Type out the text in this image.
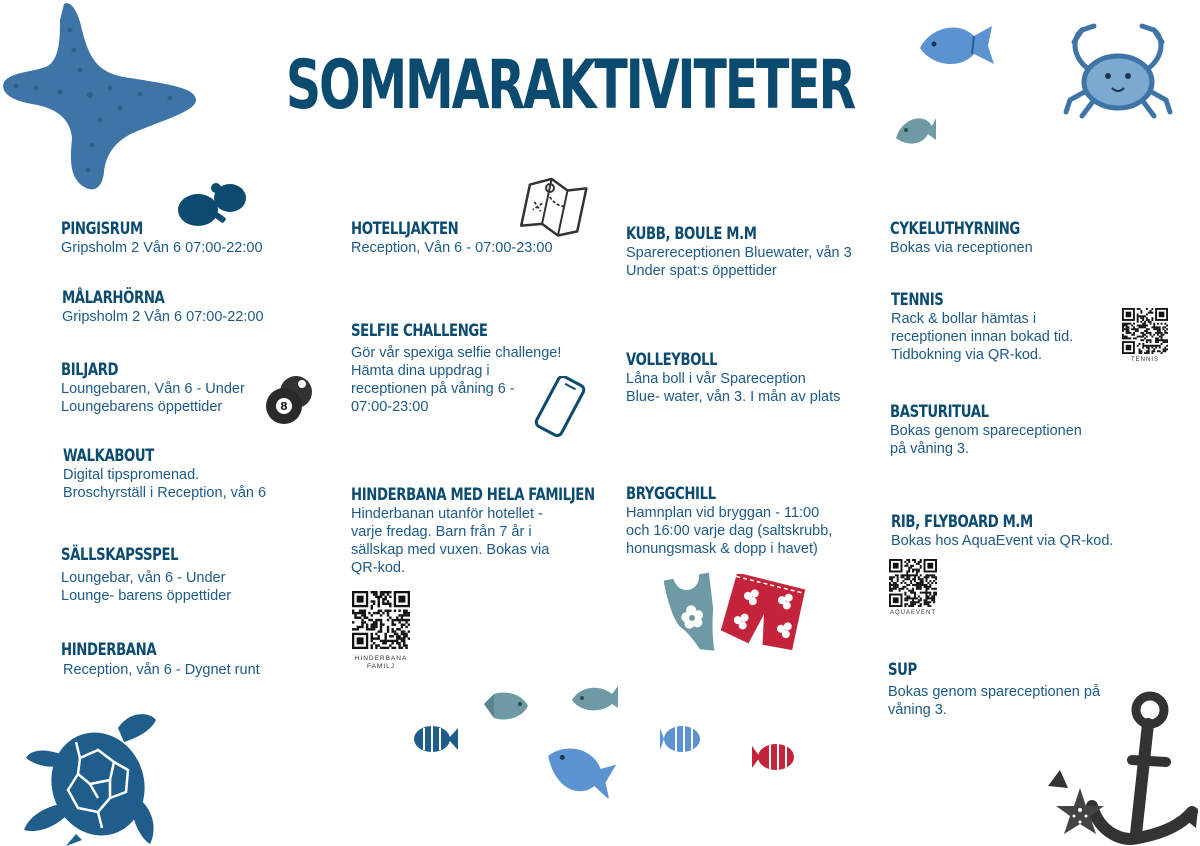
SOMMARAKTIVITETER
8
PINGISRUM

Gripsholm 2 Vån 6 07:00-22:00

MÅLARHÖRNA

Gripsholm 2 Vån 6 07:00-22:00

BILJARD

Loungebaren, Vån 6 - Under

Loungebarens öppettider

WALKABOUT

Digital tipspromenad.

Broschyrställ i Reception, vån 6

SÄLLSKAPSSPEL

Loungebar, vån 6 - Under

Lounge- barens öppettider

HINDERBANA

Reception, vån 6 - Dygnet runt

HOTELLJAKTEN

Reception, Vån 6 - 07:00-23:00

SELFIE CHALLENGE

Gör vår spexiga selfie challenge!

Hämta dina uppdrag i

receptionen på våning 6 -

07:00-23:00

HINDERBANA MED HELA FAMILJEN

Hinderbanan utanför hotellet -

varje fredag. Barn från 7 år i

sällskap med vuxen. Bokas via

QR-kod.

KUBB, BOULE M.M

Sparereceptionen Bluewater, vån 3

Under spat:s öppettider

VOLLEYBOLL

Låna boll i vår Spareception

Blue- water, vån 3. I mån av plats

BRYGGCHILL

Hamnplan vid bryggan - 11:00

och 16:00 varje dag (saltskrubb,

honungsmask & dopp i havet)

CYKELUTHYRNING

Bokas via receptionen

TENNIS

Rack & bollar hämtas i

receptionen innan bokad tid.

Tidbokning via QR-kod.

BASTURITUAL

Bokas genom spareceptionen

på våning 3.

RIB, FLYBOARD M.M

Bokas hos AquaEvent via QR-kod.

SUP

Bokas genom spareceptionen på

våning 3.

HINDERBANA
FAMILJ
TENNIS
AQUAEVENT
